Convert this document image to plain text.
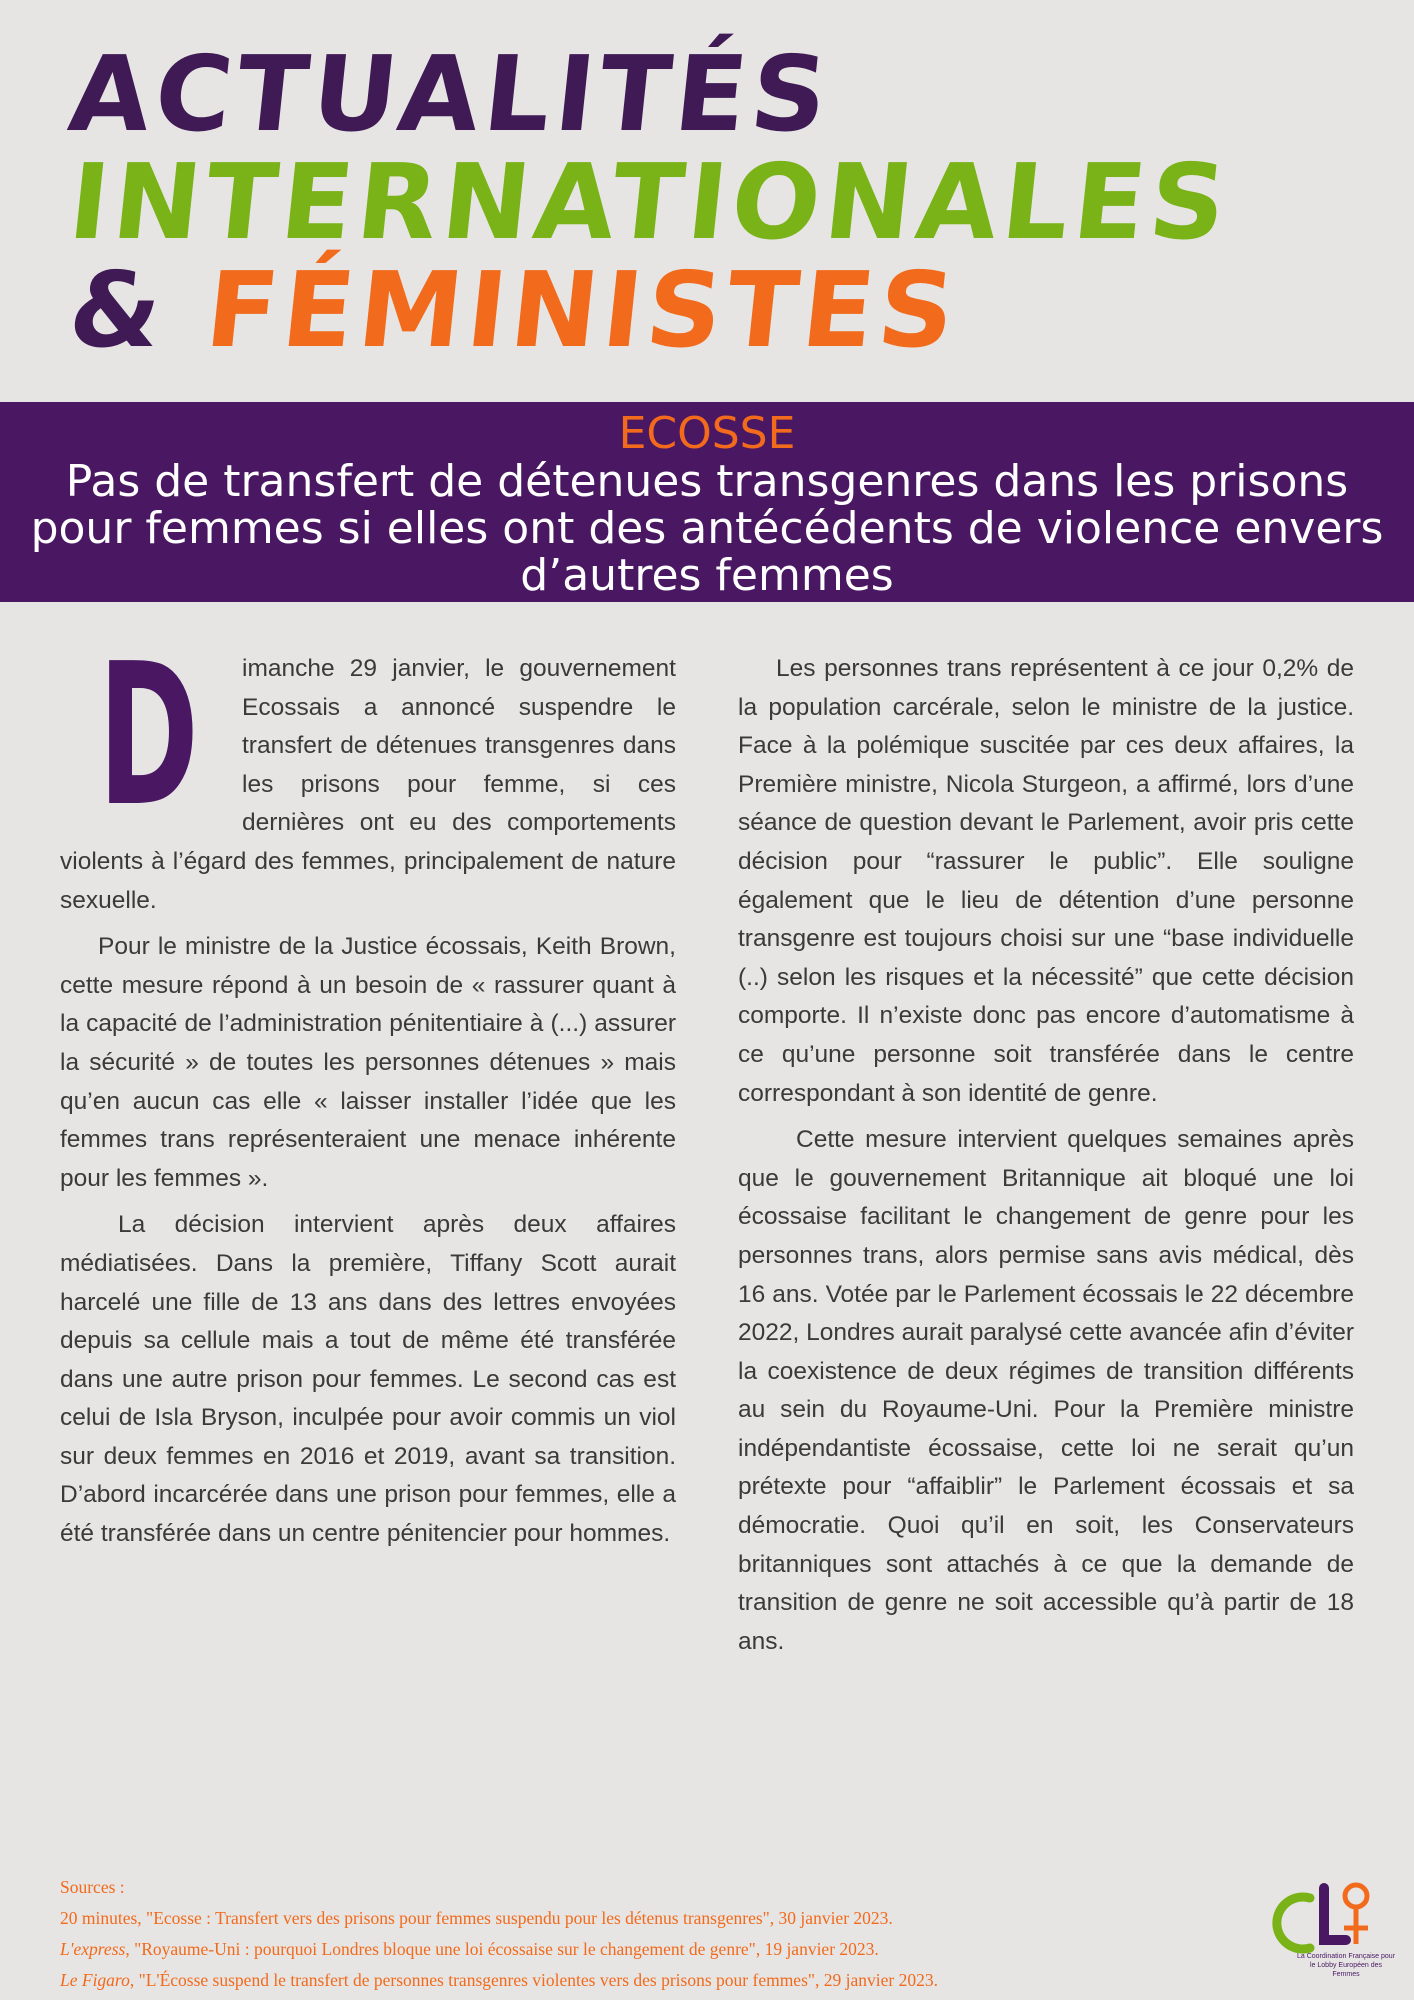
ACTUALITÉS
INTERNATIONALES
& FÉMINISTES
ECOSSE
Pas de transfert de détenues transgenres dans les prisons pour femmes si elles ont des antécédents de violence envers d’autres femmes

D imanche 29 janvier, le gouvernement Ecossais a annoncé suspendre le transfert de détenues transgenres dans les prisons pour femme, si ces dernières ont eu des comportements violents à l’égard des femmes, principalement de nature sexuelle.

Pour le ministre de la Justice écossais, Keith Brown, cette mesure répond à un besoin de « rassurer quant à la capacité de l’administration pénitentiaire à (...) assurer la sécurité » de toutes les personnes détenues » mais qu’en aucun cas elle « laisser installer l’idée que les femmes trans représenteraient une menace inhérente pour les femmes ».

La décision intervient après deux affaires médiatisées. Dans la première, Tiffany Scott aurait harcelé une fille de 13 ans dans des lettres envoyées depuis sa cellule mais a tout de même été transférée dans une autre prison pour femmes. Le second cas est celui de Isla Bryson, inculpée pour avoir commis un viol sur deux femmes en 2016 et 2019, avant sa transition. D’abord incarcérée dans une prison pour femmes, elle a été transférée dans un centre pénitencier pour hommes.

Les personnes trans représentent à ce jour 0,2% de la population carcérale, selon le ministre de la justice. Face à la polémique suscitée par ces deux affaires, la Première ministre, Nicola Sturgeon, a affirmé, lors d’une séance de question devant le Parlement, avoir pris cette décision pour “rassurer le public”. Elle souligne également que le lieu de détention d’une personne transgenre est toujours choisi sur une “base individuelle (..) selon les risques et la nécessité” que cette décision comporte. Il n’existe donc pas encore d’automatisme à ce qu’une personne soit transférée dans le centre correspondant à son identité de genre.

Cette mesure intervient quelques semaines après que le gouvernement Britannique ait bloqué une loi écossaise facilitant le changement de genre pour les personnes trans, alors permise sans avis médical, dès 16 ans. Votée par le Parlement écossais le 22 décembre 2022, Londres aurait paralysé cette avancée afin d’éviter la coexistence de deux régimes de transition différents au sein du Royaume-Uni. Pour la Première ministre indépendantiste écossaise, cette loi ne serait qu’un prétexte pour “affaiblir” le Parlement écossais et sa démocratie. Quoi qu’il en soit, les Conservateurs britanniques sont attachés à ce que la demande de transition de genre ne soit accessible qu’à partir de 18 ans.

Sources :
20 minutes, "Ecosse : Transfert vers des prisons pour femmes suspendu pour les détenus transgenres", 30 janvier 2023.
L'express, "Royaume-Uni : pourquoi Londres bloque une loi écossaise sur le changement de genre", 19 janvier 2023.
Le Figaro, "L'Écosse suspend le transfert de personnes transgenres violentes vers des prisons pour femmes", 29 janvier 2023.
La Coordination Française pour le Lobby Européen des Femmes
